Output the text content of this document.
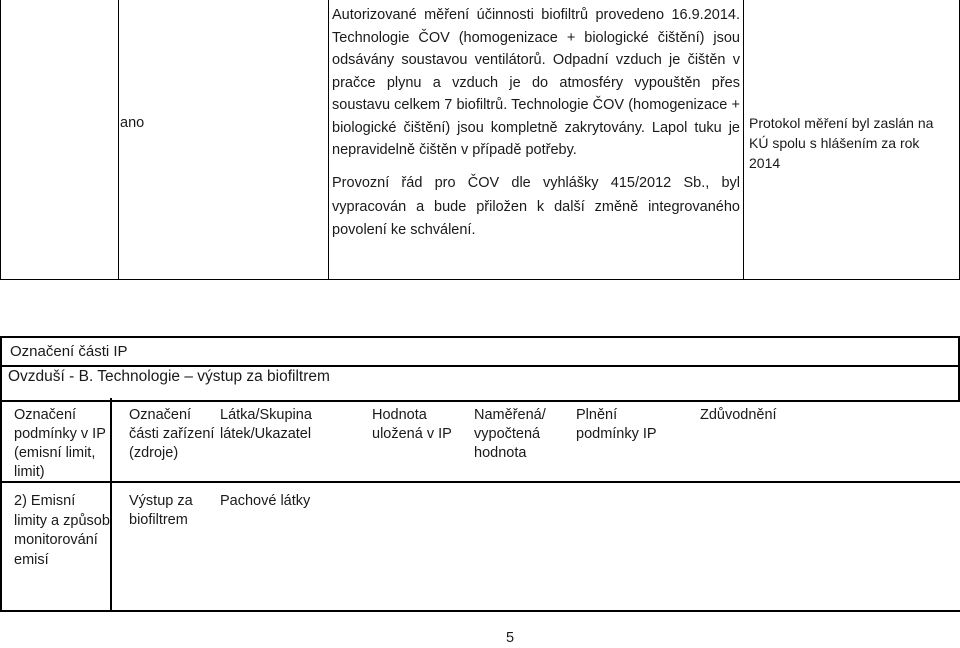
ano
Autorizované měření účinnosti biofiltrů provedeno 16.9.2014. Technologie ČOV (homogenizace + biologické čištění) jsou odsávány soustavou ventilátorů. Odpadní vzduch je čištěn v pračce plynu a vzduch je do atmosféry vypouštěn přes soustavu celkem 7 biofiltrů. Technologie ČOV (homogenizace + biologické čištění) jsou kompletně zakrytovány. Lapol tuku je nepravidelně čištěn v případě potřeby.
Provozní řád pro ČOV dle vyhlášky 415/2012 Sb., byl vypracován a bude přiložen k další změně integrovaného povolení ke schválení.
Protokol měření byl zaslán na KÚ spolu s hlášením za rok 2014
Označení části IP
Ovzduší - B. Technologie – výstup za biofiltrem
Označení podmínky v IP (emisní limit, limit)
Označení části zařízení (zdroje)
Látka/Skupina látek/Ukazatel
Hodnota uložená v IP
Naměřená/ vypočtená hodnota
Plnění podmínky IP
Zdůvodnění
2) Emisní limity a způsob monitorování emisí
Výstup za biofiltrem
Pachové látky
5
